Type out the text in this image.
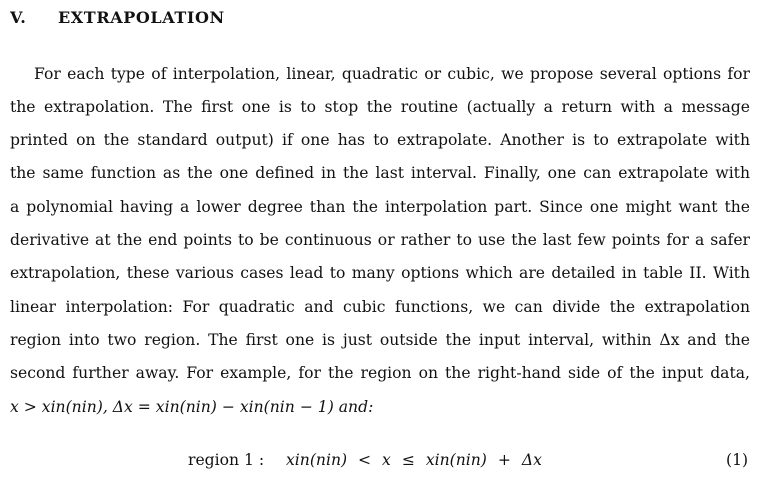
V. EXTRAPOLATION
For each type of interpolation, linear, quadratic or cubic, we propose several options for
the extrapolation. The first one is to stop the routine (actually a return with a message
printed on the standard output) if one has to extrapolate. Another is to extrapolate with
the same function as the one defined in the last interval. Finally, one can extrapolate with
a polynomial having a lower degree than the interpolation part. Since one might want the
derivative at the end points to be continuous or rather to use the last few points for a safer
extrapolation, these various cases lead to many options which are detailed in table II. With
linear interpolation: For quadratic and cubic functions, we can divide the extrapolation
region into two region. The first one is just outside the input interval, within Δx and the
second further away. For example, for the region on the right-hand side of the input data,
x > xin(nin), Δx = xin(nin) − xin(nin − 1) and:
region 1 : xin(nin) < x ≤ xin(nin) + Δx	(1)
